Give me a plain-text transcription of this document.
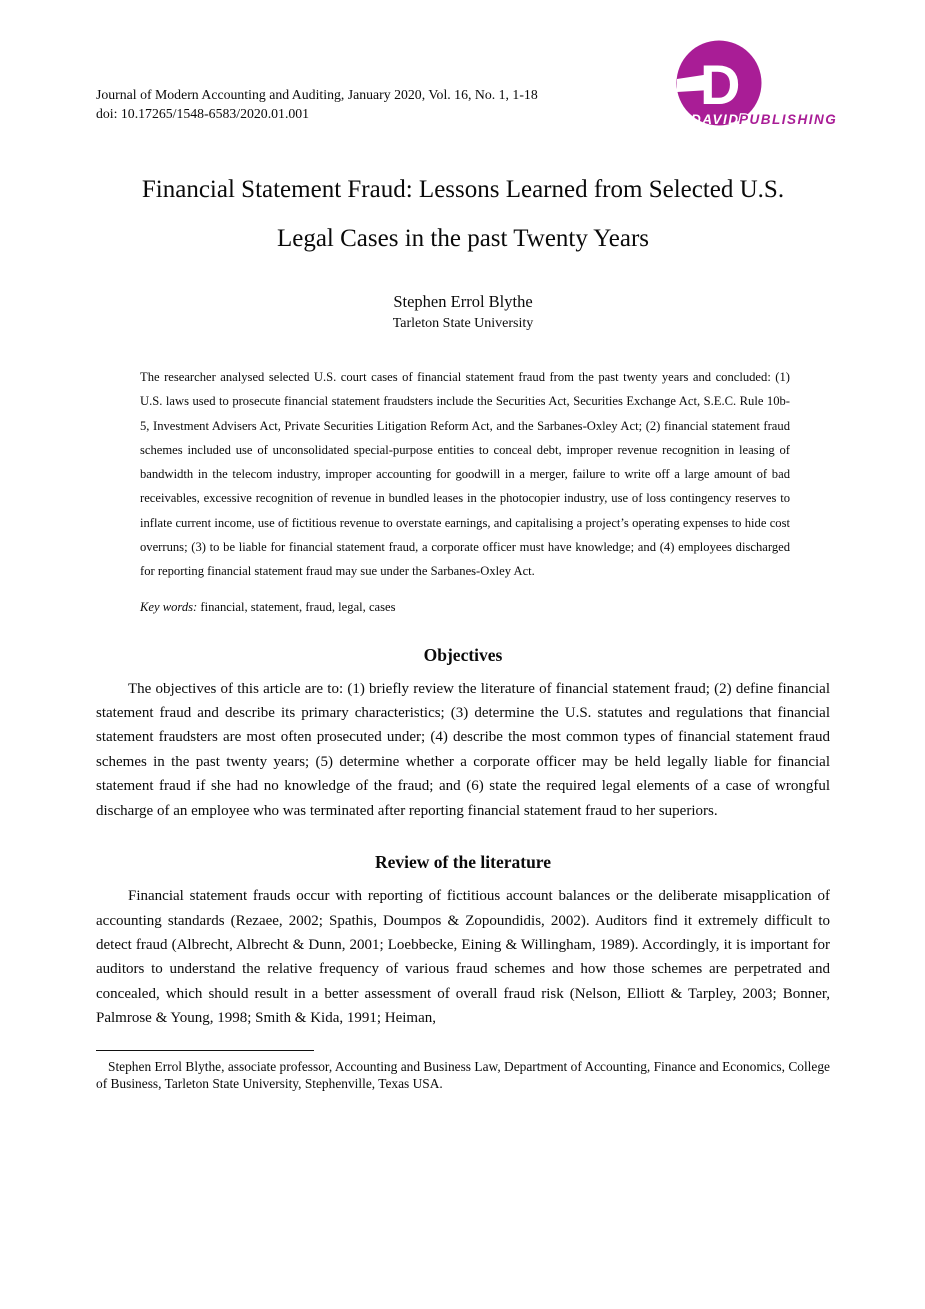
D
DAVID PUBLISHING
Journal of Modern Accounting and Auditing, January 2020, Vol. 16, No. 1, 1-18
doi: 10.17265/1548-6583/2020.01.001
Financial Statement Fraud: Lessons Learned from Selected U.S.
Legal Cases in the past Twenty Years
Stephen Errol Blythe
Tarleton State University
The researcher analysed selected U.S. court cases of financial statement fraud from the past twenty years and concluded: (1) U.S. laws used to prosecute financial statement fraudsters include the Securities Act, Securities Exchange Act, S.E.C. Rule 10b-5, Investment Advisers Act, Private Securities Litigation Reform Act, and the Sarbanes-Oxley Act; (2) financial statement fraud schemes included use of unconsolidated special-purpose entities to conceal debt, improper revenue recognition in leasing of bandwidth in the telecom industry, improper accounting for goodwill in a merger, failure to write off a large amount of bad receivables, excessive recognition of revenue in bundled leases in the photocopier industry, use of loss contingency reserves to inflate current income, use of fictitious revenue to overstate earnings, and capitalising a project’s operating expenses to hide cost overruns; (3) to be liable for financial statement fraud, a corporate officer must have knowledge; and (4) employees discharged for reporting financial statement fraud may sue under the Sarbanes-Oxley Act.
Key words: financial, statement, fraud, legal, cases
Objectives

The objectives of this article are to: (1) briefly review the literature of financial statement fraud; (2) define financial statement fraud and describe its primary characteristics; (3) determine the U.S. statutes and regulations that financial statement fraudsters are most often prosecuted under; (4) describe the most common types of financial statement fraud schemes in the past twenty years; (5) determine whether a corporate officer may be held legally liable for financial statement fraud if she had no knowledge of the fraud; and (6) state the required legal elements of a case of wrongful discharge of an employee who was terminated after reporting financial statement fraud to her superiors.

Review of the literature

Financial statement frauds occur with reporting of fictitious account balances or the deliberate misapplication of accounting standards (Rezaee, 2002; Spathis, Doumpos & Zopoundidis, 2002). Auditors find it extremely difficult to detect fraud (Albrecht, Albrecht & Dunn, 2001; Loebbecke, Eining & Willingham, 1989). Accordingly, it is important for auditors to understand the relative frequency of various fraud schemes and how those schemes are perpetrated and concealed, which should result in a better assessment of overall fraud risk (Nelson, Elliott & Tarpley, 2003; Bonner, Palmrose & Young, 1998; Smith & Kida, 1991; Heiman,

Stephen Errol Blythe, associate professor, Accounting and Business Law, Department of Accounting, Finance and Economics, College of Business, Tarleton State University, Stephenville, Texas USA.
